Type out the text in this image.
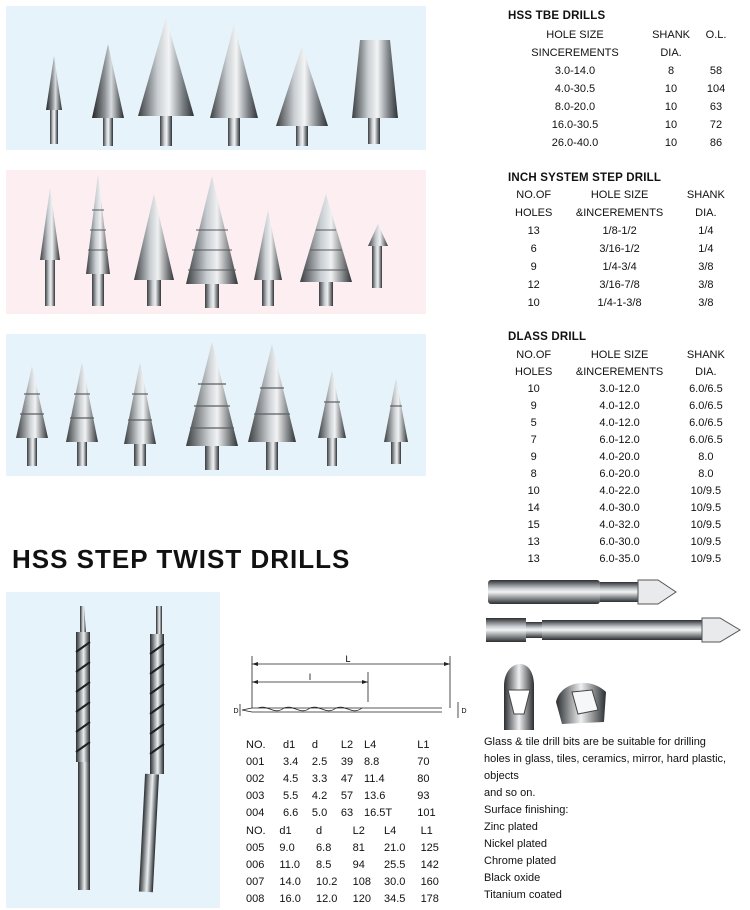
HSS TBE DRILLS
HOLE SIZE	SHANK	O.L.
SINCEREMENTS	DIA.	
3.0-14.0	8	58
4.0-30.5	10	104
8.0-20.0	10	63
16.0-30.5	10	72
26.0-40.0	10	86
INCH SYSTEM STEP DRILL
NO.OF	HOLE SIZE	SHANK
HOLES	&INCEREMENTS	DIA.
13	1/8-1/2	1/4
6	3/16-1/2	1/4
9	1/4-3/4	3/8
12	3/16-7/8	3/8
10	1/4-1-3/8	3/8
DLASS DRILL
NO.OF	HOLE SIZE	SHANK
HOLES	&INCEREMENTS	DIA.
10	3.0-12.0	6.0/6.5
9	4.0-12.0	6.0/6.5
5	4.0-12.0	6.0/6.5
7	6.0-12.0	6.0/6.5
9	4.0-20.0	8.0
8	6.0-20.0	8.0
10	4.0-22.0	10/9.5
14	4.0-30.0	10/9.5
15	4.0-32.0	10/9.5
13	6.0-30.0	10/9.5
13	6.0-35.0	10/9.5
HSS STEP TWIST DRILLS
L
l
D	D
NO.	d1	d	L2	L4	L1
001	3.4	2.5	39	8.8	70
002	4.5	3.3	47	11.4	80
003	5.5	4.2	57	13.6	93
004	6.6	5.0	63	16.5T	101
NO.	d1	d	L2	L4	L1
005	9.0	6.8	81	21.0	125
006	11.0	8.5	94	25.5	142
007	14.0	10.2	108	30.0	160
008	16.0	12.0	120	34.5	178
Glass & tile drill bits are be suitable for drilling
holes in glass, tiles, ceramics, mirror, hard plastic,
objects
and so on.
Surface finishing:
Zinc plated
Nickel plated
Chrome plated
Black oxide
Titanium coated
